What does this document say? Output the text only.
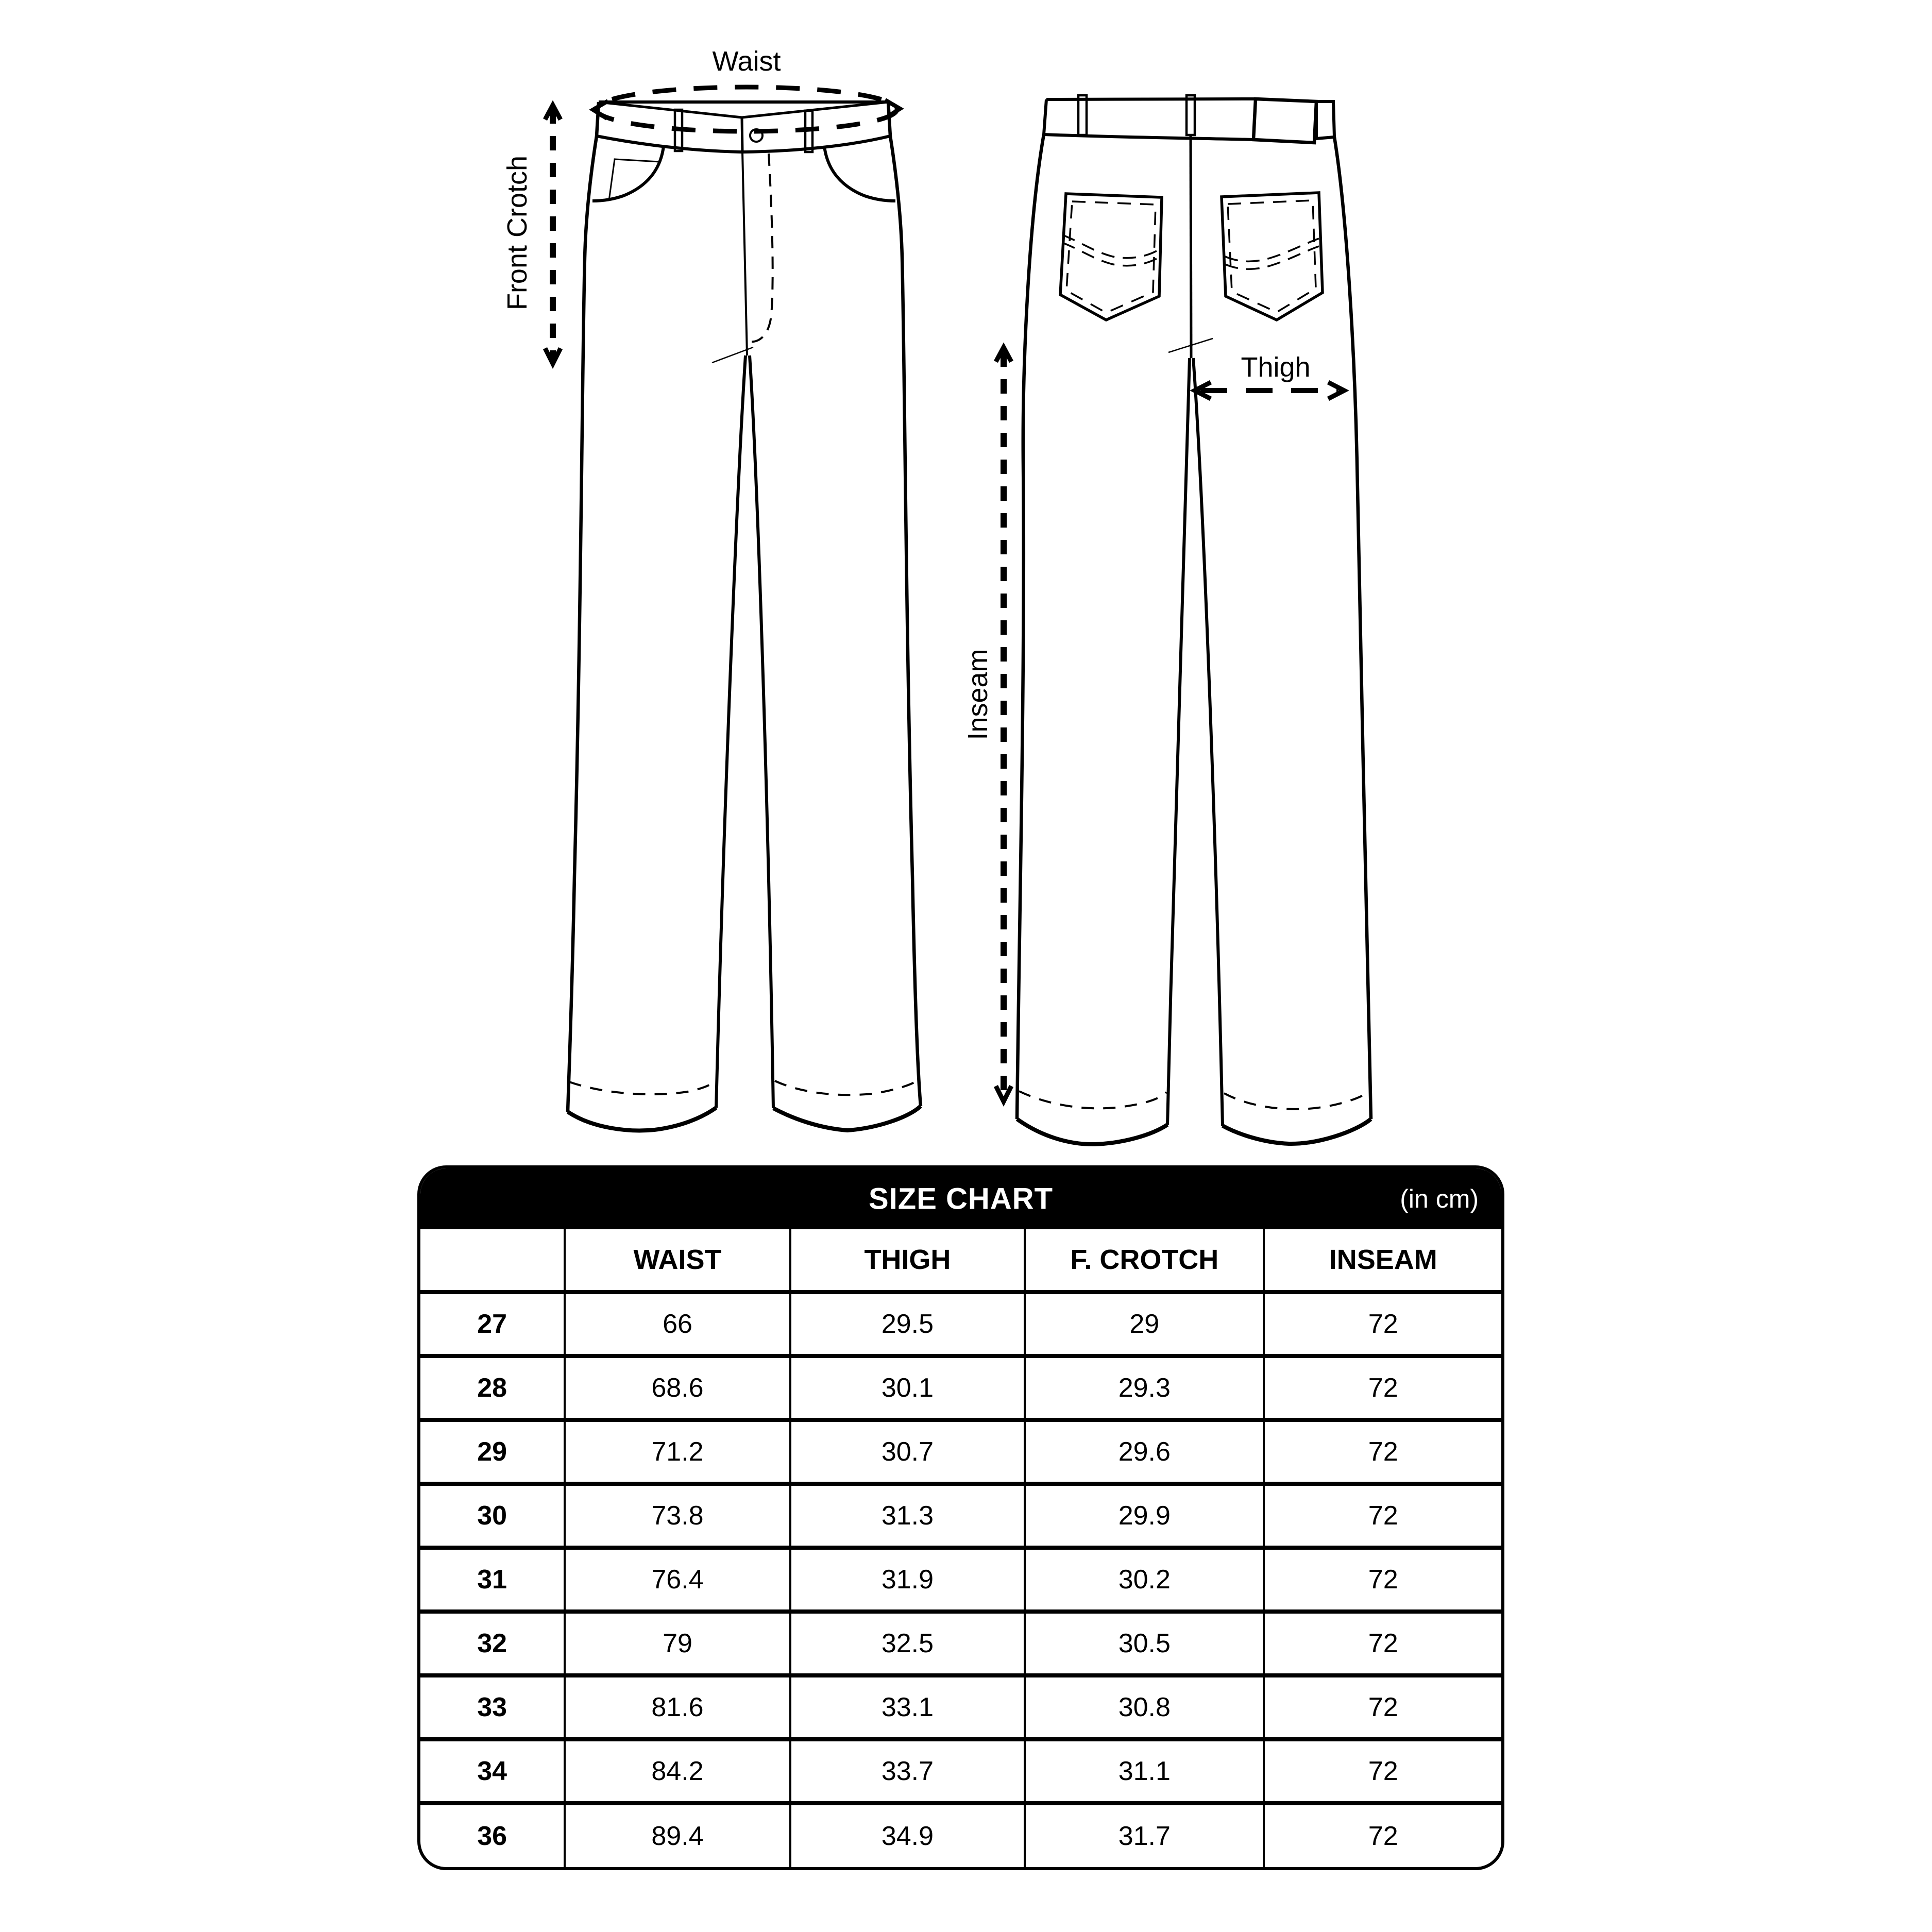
Waist
Front Crotch
Thigh
Inseam
SIZE CHART	(in cm)
	WAIST	THIGH	F. CROTCH	INSEAM
27	66	29.5	29	72
28	68.6	30.1	29.3	72
29	71.2	30.7	29.6	72
30	73.8	31.3	29.9	72
31	76.4	31.9	30.2	72
32	79	32.5	30.5	72
33	81.6	33.1	30.8	72
34	84.2	33.7	31.1	72
36	89.4	34.9	31.7	72
